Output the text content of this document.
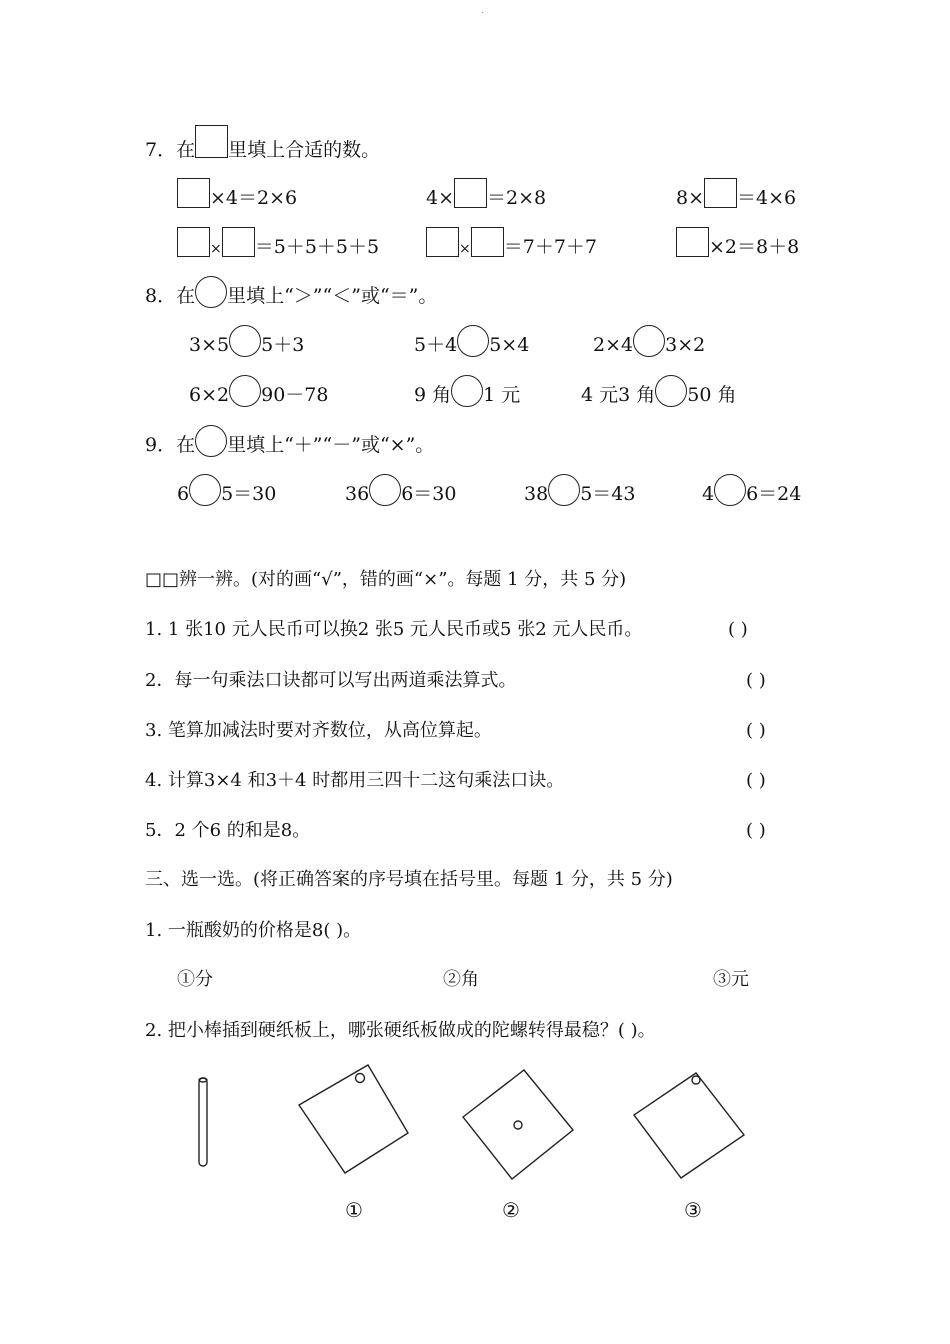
.
7．在 里填上合适的数。
×4＝2×6	4× ＝2×8	8× ＝4×6
× ＝5＋5＋5＋5	× ＝7＋7＋7	×2＝8＋8
8．在 里填上“＞”“＜”或“＝”。
3×5 5＋3	5＋4 5×4	2×4 3×2
6×2 90－78	9 角 1 元	4 元3 角 50 角
9．在 里填上“＋”“－”或“×”。
6 5＝30	36 6＝30	38 5＝43	4 6＝24
□□辨一辨。(对的画“√”，错的画“×”。每题 1 分，共 5 分)
1. 1 张10 元人民币可以换2 张5 元人民币或5 张2 元人民币。	( )
2．每一句乘法口诀都可以写出两道乘法算式。	( )
3. 笔算加减法时要对齐数位，从高位算起。	( )
4. 计算3×4 和3＋4 时都用三四十二这句乘法口诀。	( )
5．2 个6 的和是8。	( )
三、选一选。(将正确答案的序号填在括号里。每题 1 分，共 5 分)
1. 一瓶酸奶的价格是8( )。
①分	②角	③元
2. 把小棒插到硬纸板上，哪张硬纸板做成的陀螺转得最稳？( )。
①	②	③
